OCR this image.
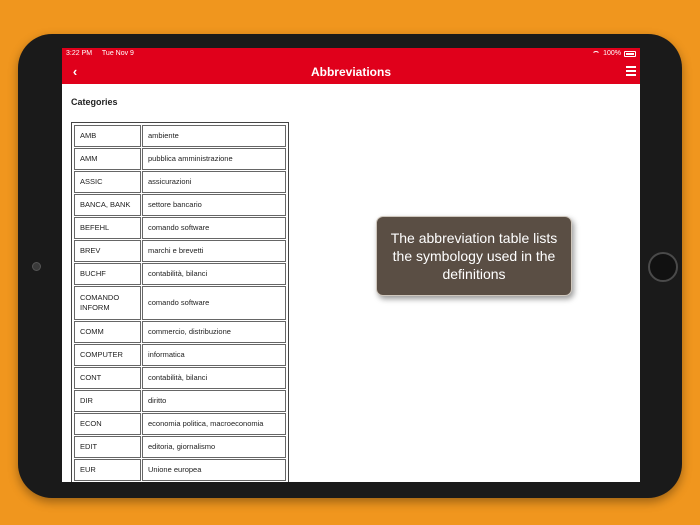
3:22 PM Tue Nov 9	100%
‹	Abbreviations
Categories
AMB	ambiente
AMM	pubblica amministrazione
ASSIC	assicurazioni
BANCA, BANK	settore bancario
BEFEHL	comando software
BREV	marchi e brevetti
BUCHF	contabilità, bilanci
COMANDO INFORM	comando software
COMM	commercio, distribuzione
COMPUTER	informatica
CONT	contabilità, bilanci
DIR	diritto
ECON	economia politica, macroeconomia
EDIT	editoria, giornalismo
EUR	Unione europea
The abbreviation table lists the symbology used in the definitions
